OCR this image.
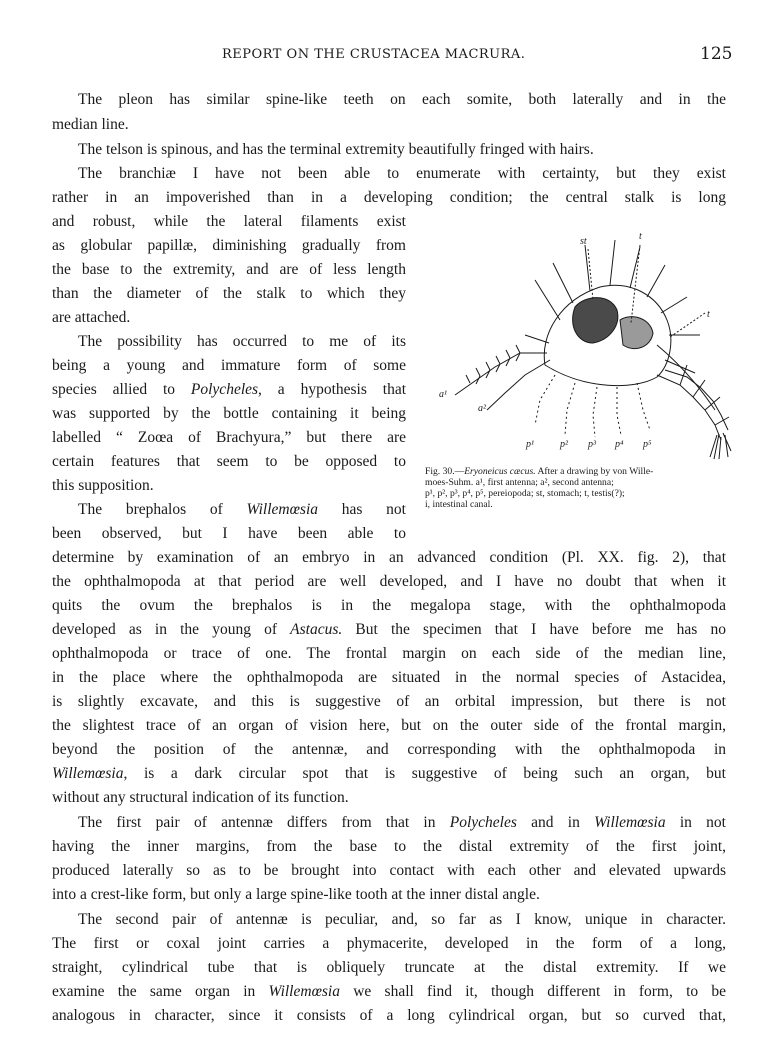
REPORT ON THE CRUSTACEA MACRURA.	125
The pleon has similar spine-like teeth on each somite, both laterally and in the
median line.
The telson is spinous, and has the terminal extremity beautifully fringed with hairs.
The branchiæ I have not been able to enumerate with certainty, but they exist
rather in an impoverished than in a developing condition; the central stalk is long
and robust, while the lateral filaments exist
as globular papillæ, diminishing gradually from
the base to the extremity, and are of less length
than the diameter of the stalk to which they
are attached.
The possibility has occurred to me of its
being a young and immature form of some
species allied to Polycheles, a hypothesis that
was supported by the bottle containing it being
labelled “ Zoœa of Brachyura,” but there are
certain features that seem to be opposed to
this supposition.
The brephalos of Willemœsia has not
been observed, but I have been able to
determine by examination of an embryo in an advanced condition (Pl. XX. fig. 2), that
the ophthalmopoda at that period are well developed, and I have no doubt that when it
quits the ovum the brephalos is in the megalopa stage, with the ophthalmopoda
developed as in the young of Astacus. But the specimen that I have before me has no
ophthalmopoda or trace of one. The frontal margin on each side of the median line,
in the place where the ophthalmopoda are situated in the normal species of Astacidea,
is slightly excavate, and this is suggestive of an orbital impression, but there is not
the slightest trace of an organ of vision here, but on the outer side of the frontal margin,
beyond the position of the antennæ, and corresponding with the ophthalmopoda in
Willemœsia, is a dark circular spot that is suggestive of being such an organ, but
without any structural indication of its function.
The first pair of antennæ differs from that in Polycheles and in Willemœsia in not
having the inner margins, from the base to the distal extremity of the first joint,
produced laterally so as to be brought into contact with each other and elevated upwards
into a crest-like form, but only a large spine-like tooth at the inner distal angle.
The second pair of antennæ is peculiar, and, so far as I know, unique in character.
The first or coxal joint carries a phymacerite, developed in the form of a long,
straight, cylindrical tube that is obliquely truncate at the distal extremity. If we
examine the same organ in Willemœsia we shall find it, though different in form, to be
analogous in character, since it consists of a long cylindrical organ, but so curved that,
st	t
t
a¹
a²
p¹	p² p³ p⁴ p⁵
Fig. 30.—Eryoneicus cæcus. After a drawing by von Wille-
moes-Suhm. a¹, first antenna; a², second antenna;
p¹, p², p³, p⁴, p⁵, pereiopoda; st, stomach; t, testis(?);
i, intestinal canal.
